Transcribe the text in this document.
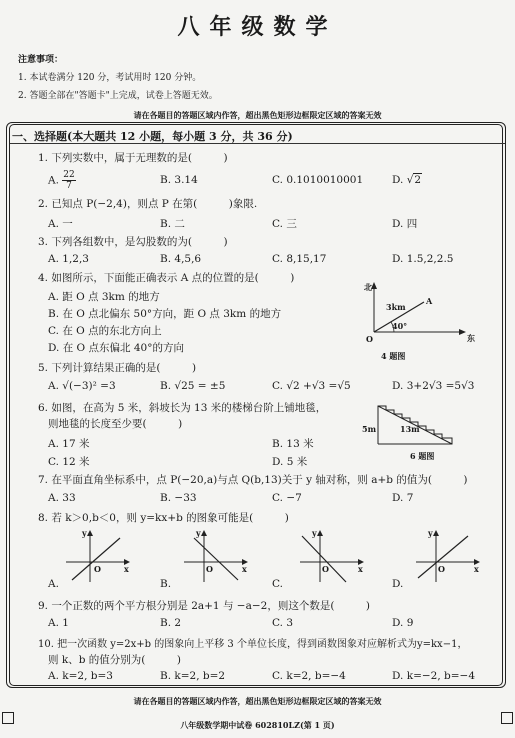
八年级数学
注意事项：
1. 本试卷满分 120 分，考试用时 120 分钟。
2. 答题全部在"答题卡"上完成，试卷上答题无效。
请在各题目的答题区域内作答，超出黑色矩形边框限定区域的答案无效
一、选择题(本大题共 12 小题，每小题 3 分，共 36 分)
1. 下列实数中，属于无理数的是(　　　)
A. $\frac{22}{7}$	B. 3.14	C. 0.1010010001	D. √2
2. 已知点 P(−2,4)，则点 P 在第(　　　)象限.
A. 一	B. 二	C. 三	D. 四
3. 下列各组数中，是勾股数的为(　　　)
A. 1,2,3	B. 4,5,6	C. 8,15,17	D. 1.5,2,2.5
4. 如图所示，下面能正确表示 A 点的位置的是(　　　)
A. 距 O 点 3km 的地方
B. 在 O 点北偏东 50°方向，距 O 点 3km 的地方
C. 在 O 点的东北方向上
D. 在 O 点东偏北 40°的方向
北
东
O
A
3km
40°
4 题图
5. 下列计算结果正确的是(　　　)
A. √(−3)² =3	B. √25 = ±5	C. √2 +√3 =√5	D. 3+2√3 =5√3
6. 如图，在高为 5 米，斜坡长为 13 米的楼梯台阶上铺地毯，
则地毯的长度至少要(　　　)
A. 17 米	B. 13 米
C. 12 米	D. 5 米
5m	13m
6 题图
7. 在平面直角坐标系中，点 P(−20,a)与点 Q(b,13)关于 y 轴对称，则 a+b 的值为(　　　)
A. 33	B. −33	C. −7	D. 7
8. 若 k＞0,b＜0，则 y=kx+b 的图象可能是(　　　)
y
x
O
y
x
O
y
x
O
y
x
O
A.	B.	C.	D.
9. 一个正数的两个平方根分别是 2a+1 与 −a−2，则这个数是(　　　)
A. 1	B. 2	C. 3	D. 9
10. 把一次函数 y=2x+b 的图象向上平移 3 个单位长度，得到函数图象对应解析式为y=kx−1，
则 k、b 的值分别为(　　　)
A. k=2, b=3	B. k=2, b=2	C. k=2, b=−4	D. k=−2, b=−4
请在各题目的答题区域内作答，超出黑色矩形边框限定区域的答案无效
八年级数学期中试卷 602810LZ(第 1 页)
